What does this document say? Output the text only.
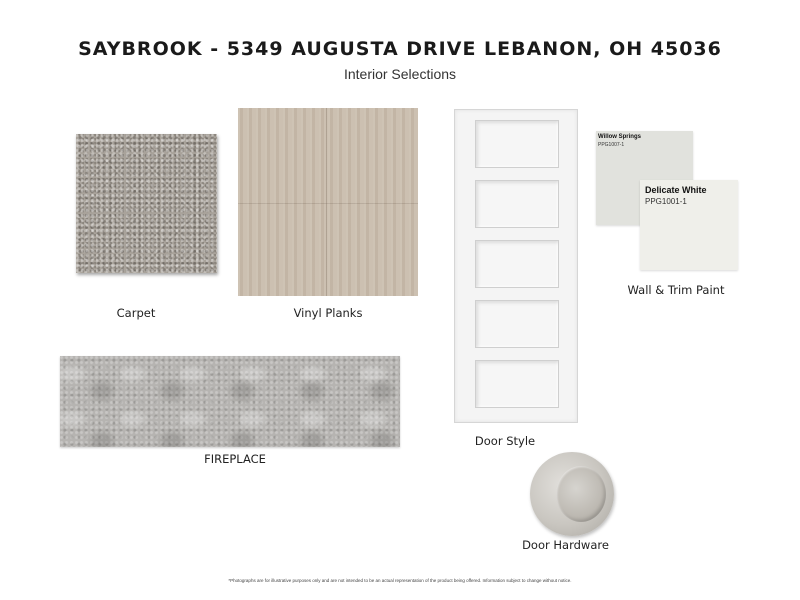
SAYBROOK - 5349 AUGUSTA DRIVE LEBANON, OH 45036
Interior Selections
Carpet	Vinyl Planks
Door Style
Willow Springs
PPG1007-1
Delicate White
PPG1001-1
Wall & Trim Paint
FIREPLACE
Door Hardware
*Photographs are for illustrative purposes only and are not intended to be an actual representation of the product being offered. Information subject to change without notice.
